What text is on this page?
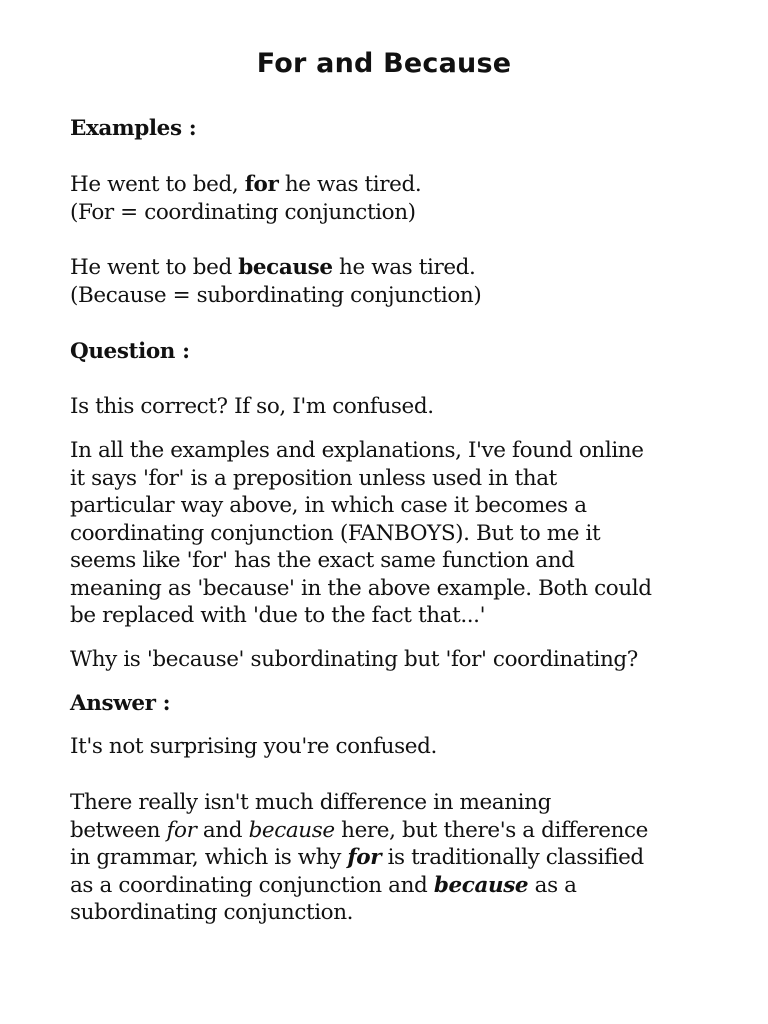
For and Because
Examples :
He went to bed, for he was tired.
(For = coordinating conjunction)
He went to bed because he was tired.
(Because = subordinating conjunction)
Question :
Is this correct? If so, I'm confused.
In all the examples and explanations, I've found online
it says 'for' is a preposition unless used in that
particular way above, in which case it becomes a
coordinating conjunction (FANBOYS). But to me it
seems like 'for' has the exact same function and
meaning as 'because' in the above example. Both could
be replaced with 'due to the fact that...'
Why is 'because' subordinating but 'for' coordinating?
Answer :
It's not surprising you're confused.
There really isn't much difference in meaning
between for and because here, but there's a difference
in grammar, which is why for is traditionally classified
as a coordinating conjunction and because as a
subordinating conjunction.
